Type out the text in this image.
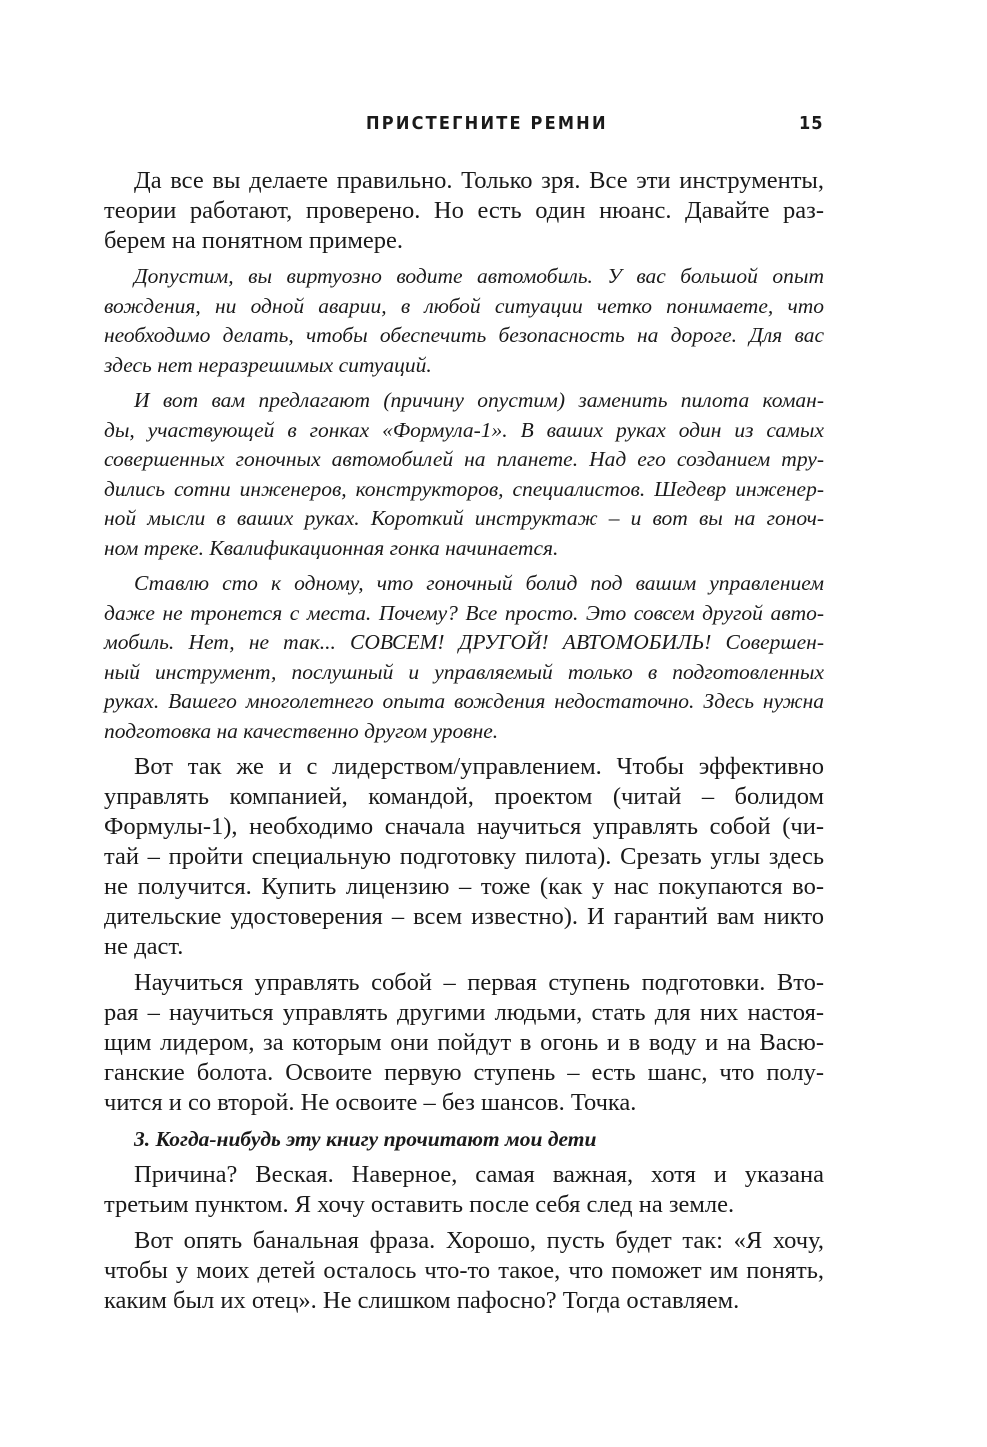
ПРИСТЕГНИТЕ РЕМНИ	15

Да все вы делаете правильно. Только зря. Все эти инструменты,
теории работают, проверено. Но есть один нюанс. Давайте раз-
берем на понятном примере.

Допустим, вы виртуозно водите автомобиль. У вас большой опыт
вождения, ни одной аварии, в любой ситуации четко понимаете, что
необходимо делать, чтобы обеспечить безопасность на дороге. Для вас
здесь нет неразрешимых ситуаций.

И вот вам предлагают (причину опустим) заменить пилота коман-
ды, участвующей в гонках «Формула-1». В ваших руках один из самых
совершенных гоночных автомобилей на планете. Над его созданием тру-
дились сотни инженеров, конструкторов, специалистов. Шедевр инженер-
ной мысли в ваших руках. Короткий инструктаж – и вот вы на гоноч-
ном треке. Квалификационная гонка начинается.

Ставлю сто к одному, что гоночный болид под вашим управлением
даже не тронется с места. Почему? Все просто. Это совсем другой авто-
мобиль. Нет, не так... СОВСЕМ! ДРУГОЙ! АВТОМОБИЛЬ! Совершен-
ный инструмент, послушный и управляемый только в подготовленных
руках. Вашего многолетнего опыта вождения недостаточно. Здесь нужна
подготовка на качественно другом уровне.

Вот так же и с лидерством/управлением. Чтобы эффективно
управлять компанией, командой, проектом (читай – болидом
Формулы-1), необходимо сначала научиться управлять собой (чи-
тай – пройти специальную подготовку пилота). Срезать углы здесь
не получится. Купить лицензию – тоже (как у нас покупаются во-
дительские удостоверения – всем известно). И гарантий вам никто
не даст.

Научиться управлять собой – первая ступень подготовки. Вто-
рая – научиться управлять другими людьми, стать для них настоя-
щим лидером, за которым они пойдут в огонь и в воду и на Васю-
ганские болота. Освоите первую ступень – есть шанс, что полу-
чится и со второй. Не освоите – без шансов. Точка.

3. Когда-нибудь эту книгу прочитают мои дети

Причина? Веская. Наверное, самая важная, хотя и указана
третьим пунктом. Я хочу оставить после себя след на земле.

Вот опять банальная фраза. Хорошо, пусть будет так: «Я хочу,
чтобы у моих детей осталось что-то такое, что поможет им понять,
каким был их отец». Не слишком пафосно? Тогда оставляем.
